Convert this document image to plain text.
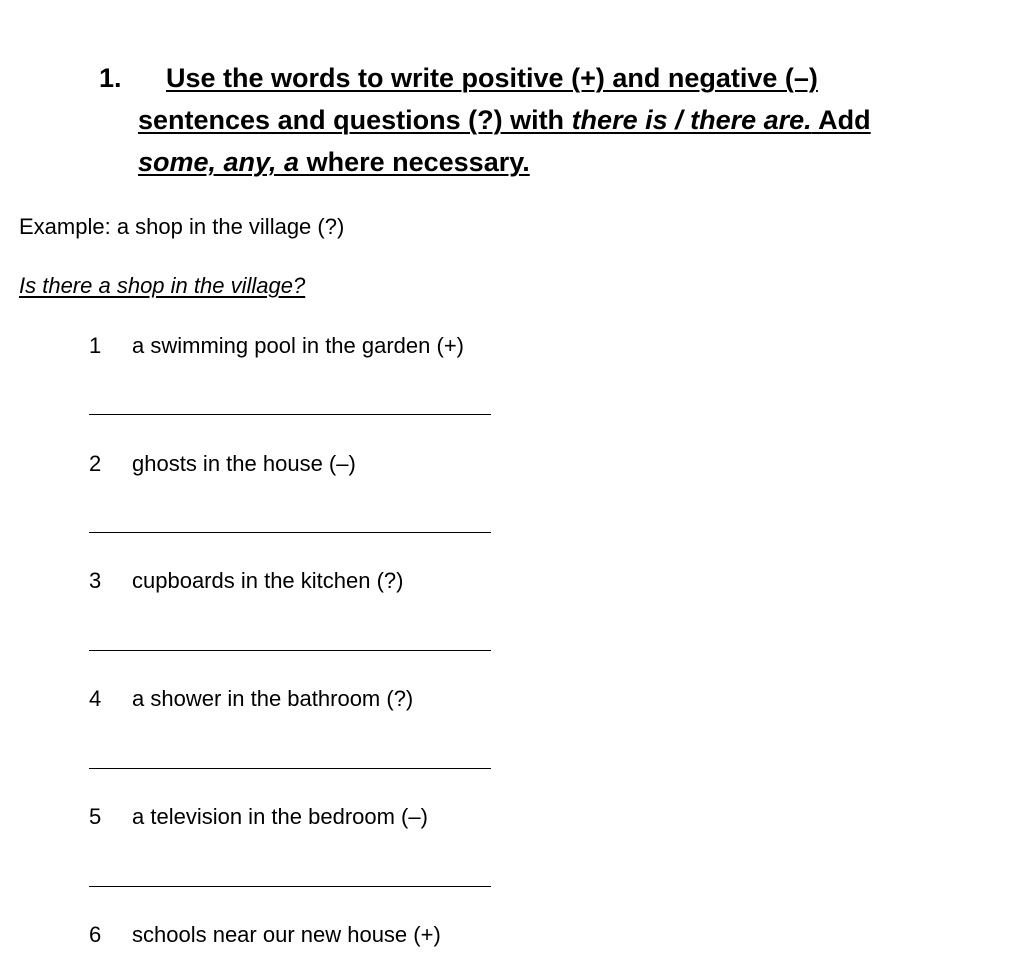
1. Use the words to write positive (+) and negative (–)
sentences and questions (?) with there is / there are. Add
some, any, a where necessary.
Example: a shop in the village (?)
Is there a shop in the village?
1 a swimming pool in the garden (+)
2 ghosts in the house (–)
3 cupboards in the kitchen (?)
4 a shower in the bathroom (?)
5 a television in the bedroom (–)
6 schools near our new house (+)
